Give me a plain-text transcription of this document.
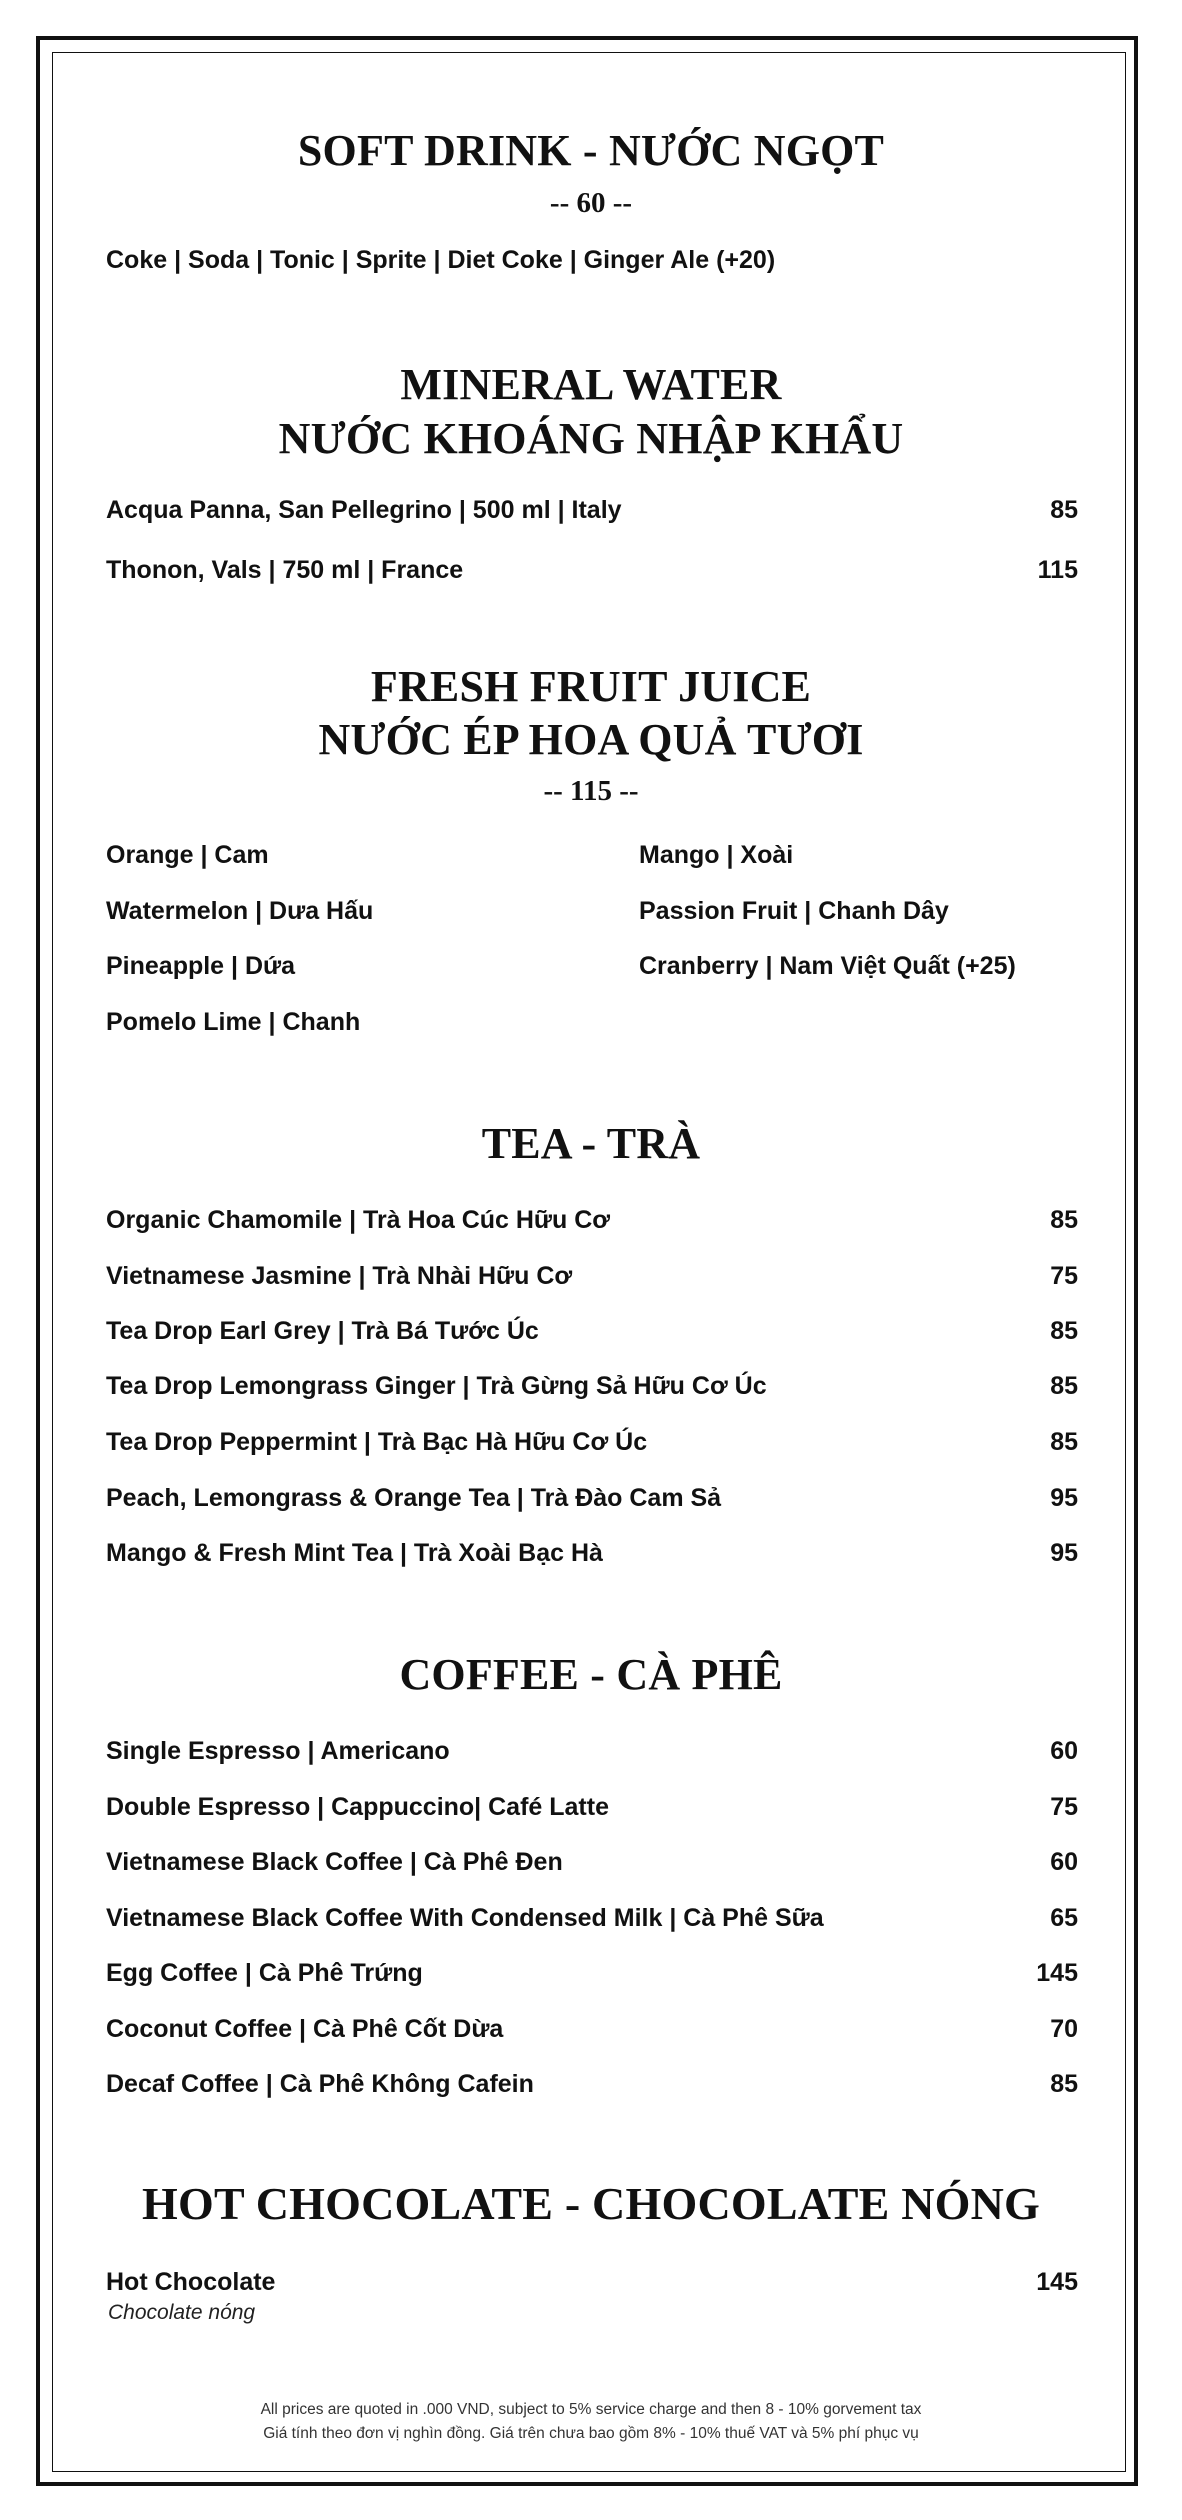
SOFT DRINK - NƯỚC NGỌT
-- 60 --
Coke | Soda | Tonic | Sprite | Diet Coke | Ginger Ale (+20)
MINERAL WATER
NƯỚC KHOÁNG NHẬP KHẨU
Acqua Panna, San Pellegrino | 500 ml | Italy	85
Thonon, Vals | 750 ml | France	115
FRESH FRUIT JUICE
NƯỚC ÉP HOA QUẢ TƯƠI
-- 115 --
Orange | Cam
Watermelon | Dưa Hấu
Pineapple | Dứa
Pomelo Lime | Chanh
Mango | Xoài
Passion Fruit | Chanh Dây
Cranberry | Nam Việt Quất (+25)
TEA - TRÀ
Organic Chamomile | Trà Hoa Cúc Hữu Cơ	85
Vietnamese Jasmine | Trà Nhài Hữu Cơ	75
Tea Drop Earl Grey | Trà Bá Tước Úc	85
Tea Drop Lemongrass Ginger | Trà Gừng Sả Hữu Cơ Úc	85
Tea Drop Peppermint | Trà Bạc Hà Hữu Cơ Úc	85
Peach, Lemongrass & Orange Tea | Trà Đào Cam Sả	95
Mango & Fresh Mint Tea | Trà Xoài Bạc Hà	95
COFFEE - CÀ PHÊ
Single Espresso | Americano	60
Double Espresso | Cappuccino| Café Latte	75
Vietnamese Black Coffee | Cà Phê Đen	60
Vietnamese Black Coffee With Condensed Milk | Cà Phê Sữa	65
Egg Coffee | Cà Phê Trứng	145
Coconut Coffee | Cà Phê Cốt Dừa	70
Decaf Coffee | Cà Phê Không Cafein	85
HOT CHOCOLATE - CHOCOLATE NÓNG
Hot Chocolate	145
Chocolate nóng
All prices are quoted in .000 VND, subject to 5% service charge and then 8 - 10% gorvement tax
Giá tính theo đơn vị nghìn đồng. Giá trên chưa bao gồm 8% - 10% thuế VAT và 5% phí phục vụ
